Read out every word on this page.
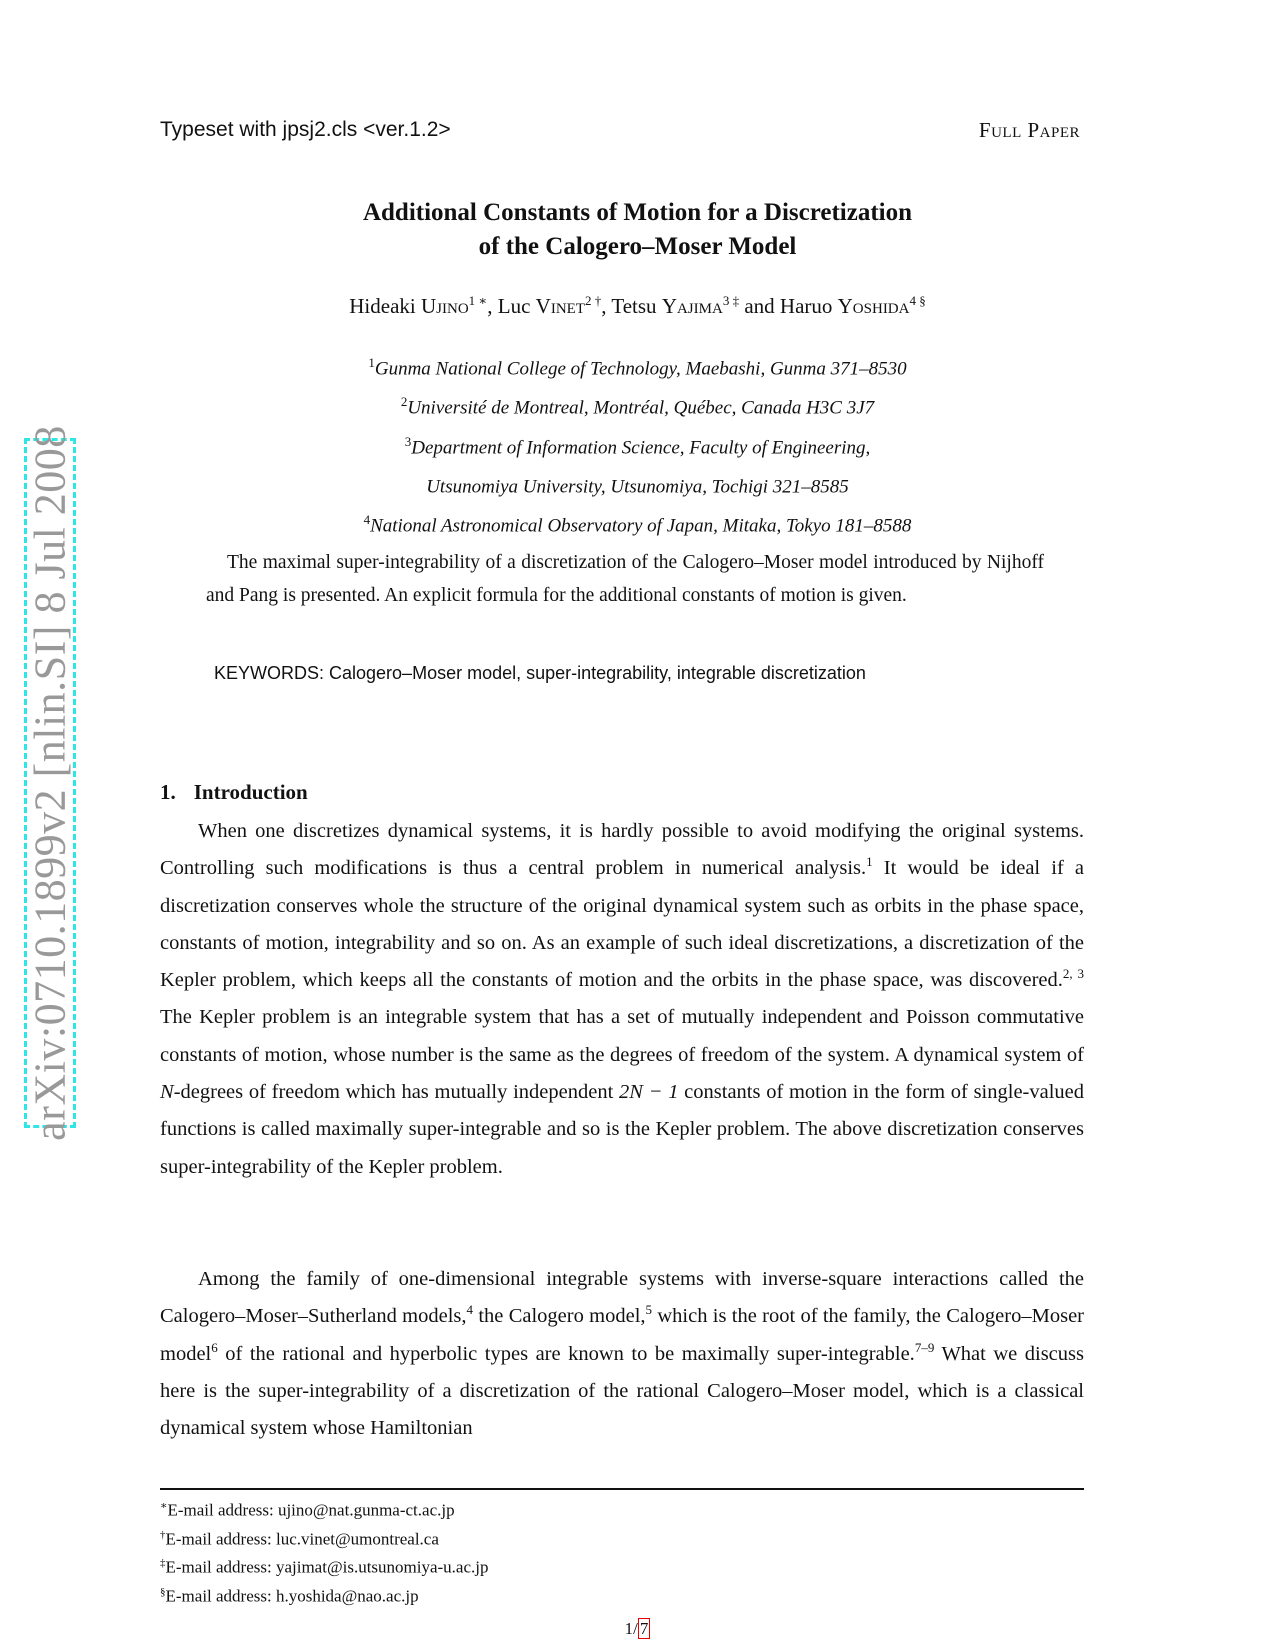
Typeset with jpsj2.cls <ver.1.2>	Full Paper
Additional Constants of Motion for a Discretization
of the Calogero–Moser Model
Hideaki Ujino$^{1 ∗}$, Luc Vinet$^{2 \dagger}$, Tetsu Yajima$^{3 \ddagger}$ and Haruo Yoshida$^{4 \S}$
$^1$Gunma National College of Technology, Maebashi, Gunma 371–8530
$^2$Université de Montreal, Montréal, Québec, Canada H3C 3J7
$^3$Department of Information Science, Faculty of Engineering,
Utsunomiya University, Utsunomiya, Tochigi 321–8585
$^4$National Astronomical Observatory of Japan, Mitaka, Tokyo 181–8588
The maximal super-integrability of a discretization of the Calogero–Moser model introduced by Nijhoff and Pang is presented. An explicit formula for the additional constants of motion is given.
KEYWORDS: Calogero–Moser model, super-integrability, integrable discretization
1. Introduction
When one discretizes dynamical systems, it is hardly possible to avoid modifying the original systems. Controlling such modifications is thus a central problem in numerical analysis.$^1$ It would be ideal if a discretization conserves whole the structure of the original dynamical system such as orbits in the phase space, constants of motion, integrability and so on. As an example of such ideal discretizations, a discretization of the Kepler problem, which keeps all the constants of motion and the orbits in the phase space, was discovered.$^{2, 3}$ The Kepler problem is an integrable system that has a set of mutually independent and Poisson commutative constants of motion, whose number is the same as the degrees of freedom of the system. A dynamical system of N-degrees of freedom which has mutually independent 2N − 1 constants of motion in the form of single-valued functions is called maximally super-integrable and so is the Kepler problem. The above discretization conserves super-integrability of the Kepler problem.
Among the family of one-dimensional integrable systems with inverse-square interactions called the Calogero–Moser–Sutherland models,$^4$ the Calogero model,$^5$ which is the root of the family, the Calogero–Moser model$^6$ of the rational and hyperbolic types are known to be maximally super-integrable.$^{7-9}$ What we discuss here is the super-integrability of a discretization of the rational Calogero–Moser model, which is a classical dynamical system whose Hamiltonian
∗E-mail address: ujino@nat.gunma-ct.ac.jp
†E-mail address: luc.vinet@umontreal.ca
‡E-mail address: yajimat@is.utsunomiya-u.ac.jp
§E-mail address: h.yoshida@nao.ac.jp
1/ 7
arXiv:0710.1899v2 [nlin.SI] 8 Jul 2008
